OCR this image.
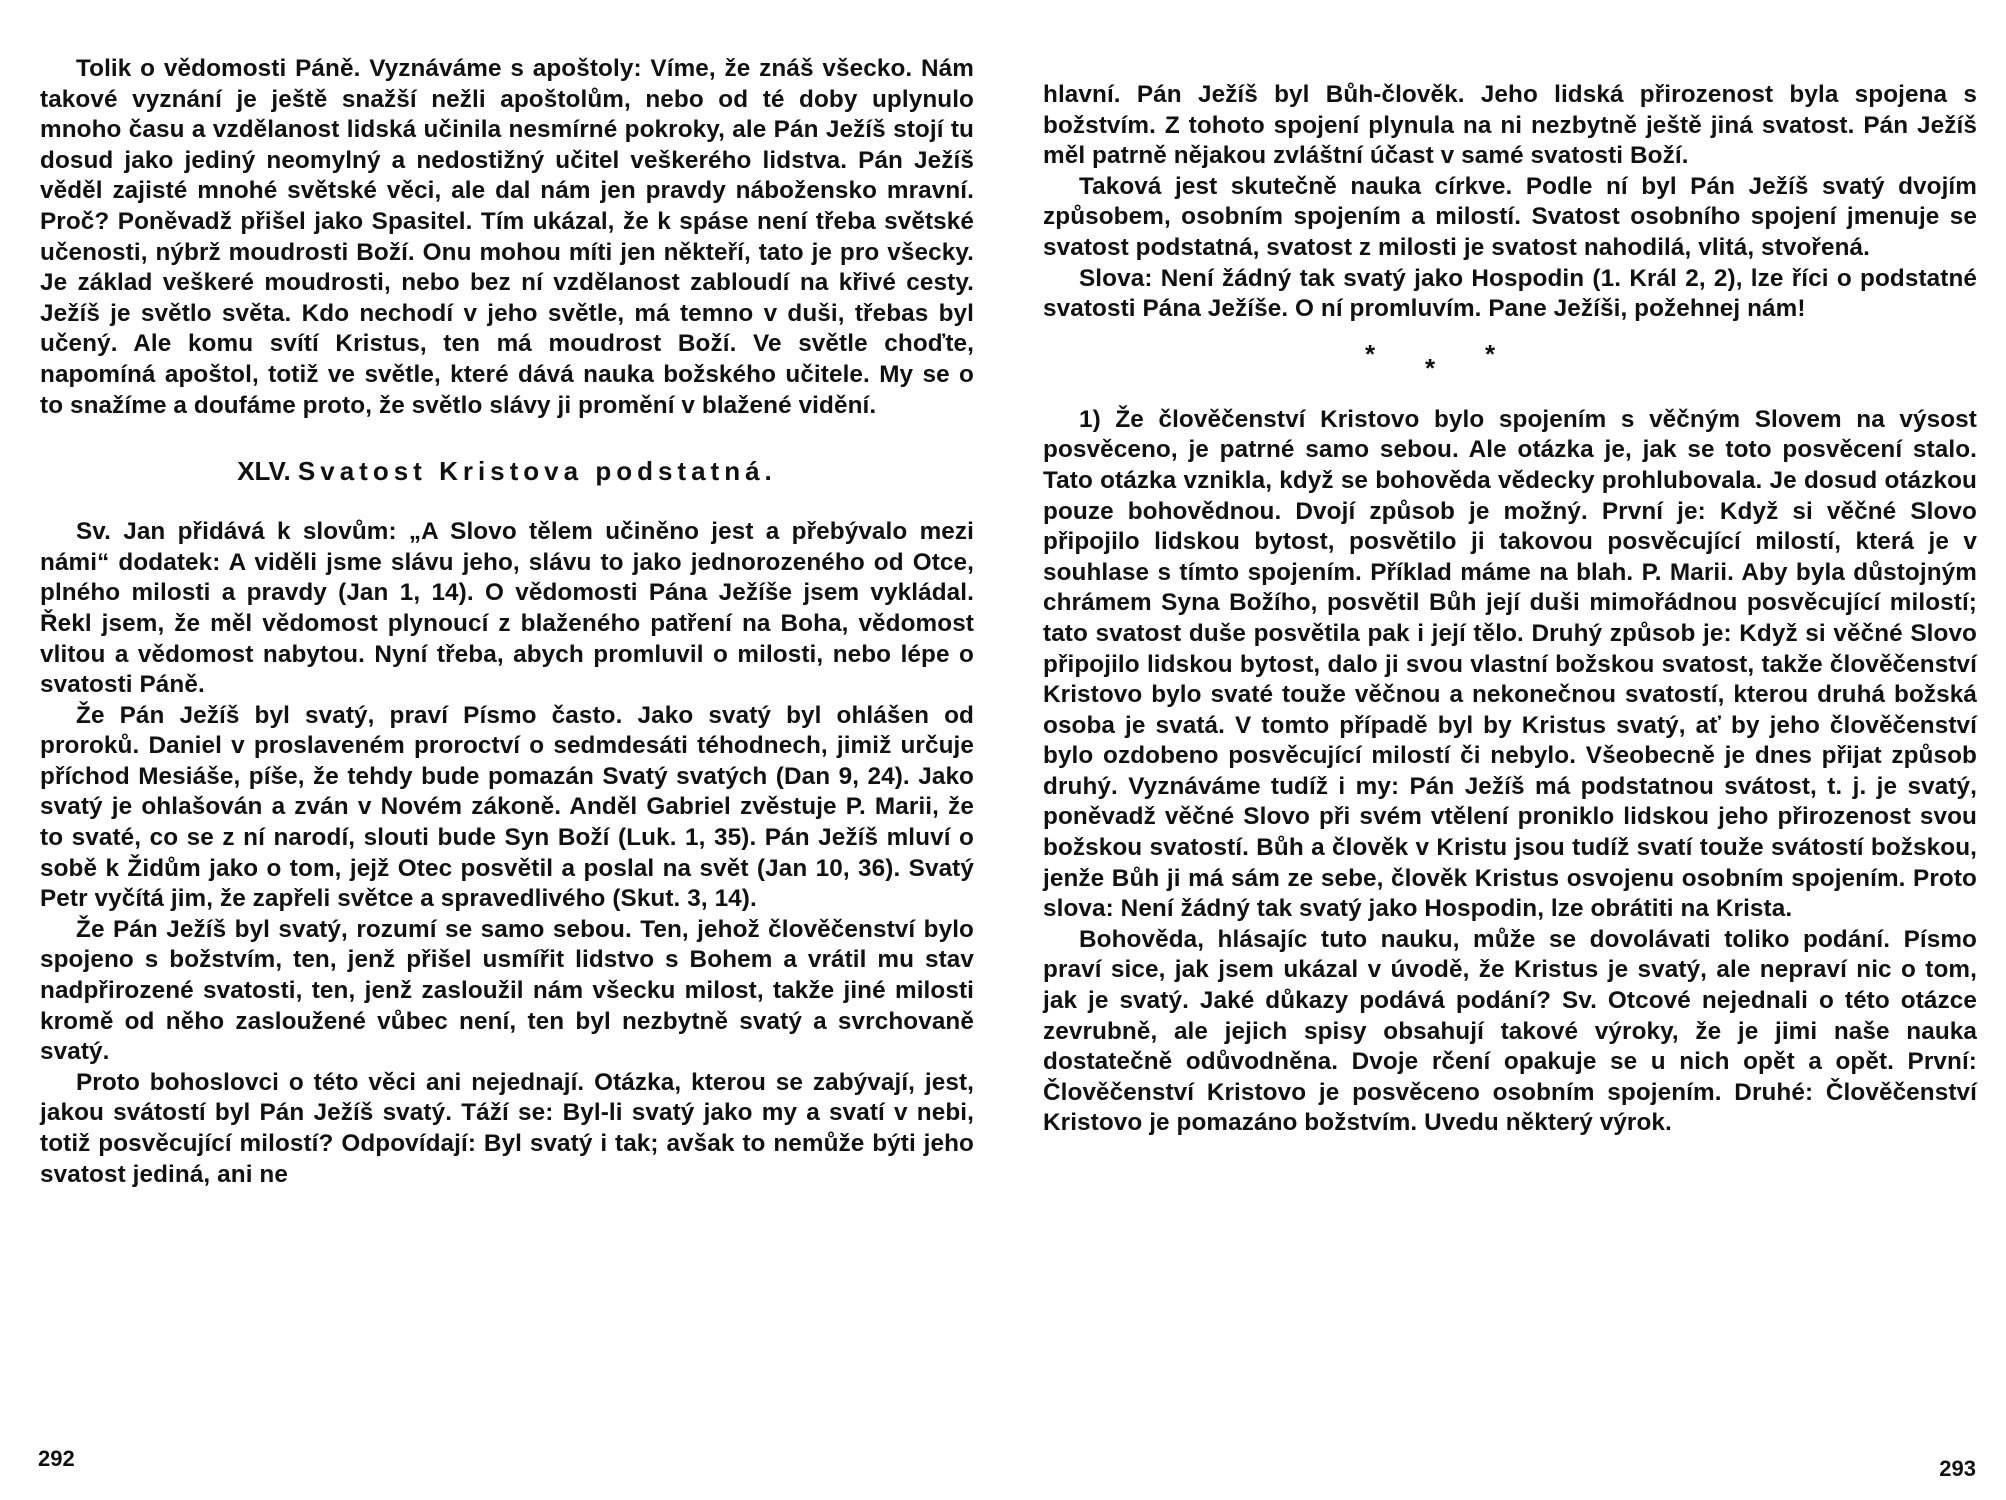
Tolik o vědomosti Páně. Vyznáváme s apoštoly: Víme, že znáš všecko. Nám takové vyznání je ještě snažší nežli apoštolům, nebo od té doby uplynulo mnoho času a vzdělanost lidská učinila nesmírné pokroky, ale Pán Ježíš stojí tu dosud jako jediný neomylný a nedostižný učitel veškerého lidstva. Pán Ježíš věděl zajisté mnohé světské věci, ale dal nám jen pravdy nábožensko mravní. Proč? Poněvadž přišel jako Spasitel. Tím ukázal, že k spáse není třeba světské učenosti, nýbrž moudrosti Boží. Onu mohou míti jen někteří, tato je pro všecky. Je základ veškeré moudrosti, nebo bez ní vzdělanost zabloudí na křivé cesty. Ježíš je světlo světa. Kdo nechodí v jeho světle, má temno v duši, třebas byl učený. Ale komu svítí Kristus, ten má moudrost Boží. Ve světle choďte, napomíná apoštol, totiž ve světle, které dává nauka božského učitele. My se o to snažíme a doufáme proto, že světlo slávy ji promění v blažené vidění.

XLV. Svatost Kristova podstatná.

Sv. Jan přidává k slovům: „A Slovo tělem učiněno jest a přebývalo mezi námi“ dodatek: A viděli jsme slávu jeho, slávu to jako jednorozeného od Otce, plného milosti a pravdy (Jan 1, 14). O vědomosti Pána Ježíše jsem vykládal. Řekl jsem, že měl vědomost plynoucí z blaženého patření na Boha, vědomost vlitou a vědomost nabytou. Nyní třeba, abych promluvil o milosti, nebo lépe o svatosti Páně.

Že Pán Ježíš byl svatý, praví Písmo často. Jako svatý byl ohlášen od proroků. Daniel v proslaveném proroctví o sedmdesáti téhodnech, jimiž určuje příchod Mesiáše, píše, že tehdy bude pomazán Svatý svatých (Dan 9, 24). Jako svatý je ohlašován a zván v Novém zákoně. Anděl Gabriel zvěstuje P. Marii, že to svaté, co se z ní narodí, slouti bude Syn Boží (Luk. 1, 35). Pán Ježíš mluví o sobě k Židům jako o tom, jejž Otec posvětil a poslal na svět (Jan 10, 36). Svatý Petr vyčítá jim, že zapřeli světce a spravedlivého (Skut. 3, 14).

Že Pán Ježíš byl svatý, rozumí se samo sebou. Ten, jehož člověčenství bylo spojeno s božstvím, ten, jenž přišel usmířit lidstvo s Bohem a vrátil mu stav nadpřirozené svatosti, ten, jenž zasloužil nám všecku milost, takže jiné milosti kromě od něho zasloužené vůbec není, ten byl nezbytně svatý a svrchovaně svatý.

Proto bohoslovci o této věci ani nejednají. Otázka, kterou se zabývají, jest, jakou svátostí byl Pán Ježíš svatý. Táží se: Byl-li svatý jako my a svatí v nebi, totiž posvěcující milostí? Odpovídají: Byl svatý i tak; avšak to nemůže býti jeho svatost jediná, ani ne

292

hlavní. Pán Ježíš byl Bůh-člověk. Jeho lidská přirozenost byla spojena s božstvím. Z tohoto spojení plynula na ni nezbytně ještě jiná svatost. Pán Ježíš měl patrně nějakou zvláštní účast v samé svatosti Boží.

Taková jest skutečně nauka církve. Podle ní byl Pán Ježíš svatý dvojím způsobem, osobním spojením a milostí. Svatost osobního spojení jmenuje se svatost podstatná, svatost z milosti je svatost nahodilá, vlitá, stvořená.

Slova: Není žádný tak svatý jako Hospodin (1. Král 2, 2), lze říci o podstatné svatosti Pána Ježíše. O ní promluvím. Pane Ježíši, požehnej nám!

* * *

1) Že člověčenství Kristovo bylo spojením s věčným Slovem na výsost posvěceno, je patrné samo sebou. Ale otázka je, jak se toto posvěcení stalo. Tato otázka vznikla, když se bohověda vědecky prohlubovala. Je dosud otázkou pouze bohovědnou. Dvojí způsob je možný. První je: Když si věčné Slovo připojilo lidskou bytost, posvětilo ji takovou posvěcující milostí, která je v souhlase s tímto spojením. Příklad máme na blah. P. Marii. Aby byla důstojným chrámem Syna Božího, posvětil Bůh její duši mimořádnou posvěcující milostí; tato svatost duše posvětila pak i její tělo. Druhý způsob je: Když si věčné Slovo připojilo lidskou bytost, dalo ji svou vlastní božskou svatost, takže člověčenství Kristovo bylo svaté touže věčnou a nekonečnou svatostí, kterou druhá božská osoba je svatá. V tomto případě byl by Kristus svatý, ať by jeho člověčenství bylo ozdobeno posvěcující milostí či nebylo. Všeobecně je dnes přijat způsob druhý. Vyznáváme tudíž i my: Pán Ježíš má podstatnou svátost, t. j. je svatý, poněvadž věčné Slovo při svém vtělení proniklo lidskou jeho přirozenost svou božskou svatostí. Bůh a člověk v Kristu jsou tudíž svatí touže svátostí božskou, jenže Bůh ji má sám ze sebe, člověk Kristus osvojenu osobním spojením. Proto slova: Není žádný tak svatý jako Hospodin, lze obrátiti na Krista.

Bohověda, hlásajíc tuto nauku, může se dovolávati toliko podání. Písmo praví sice, jak jsem ukázal v úvodě, že Kristus je svatý, ale nepraví nic o tom, jak je svatý. Jaké důkazy podává podání? Sv. Otcové nejednali o této otázce zevrubně, ale jejich spisy obsahují takové výroky, že je jimi naše nauka dostatečně odůvodněna. Dvoje rčení opakuje se u nich opět a opět. První: Člověčenství Kristovo je posvěceno osobním spojením. Druhé: Člověčenství Kristovo je pomazáno božstvím. Uvedu některý výrok.

293
